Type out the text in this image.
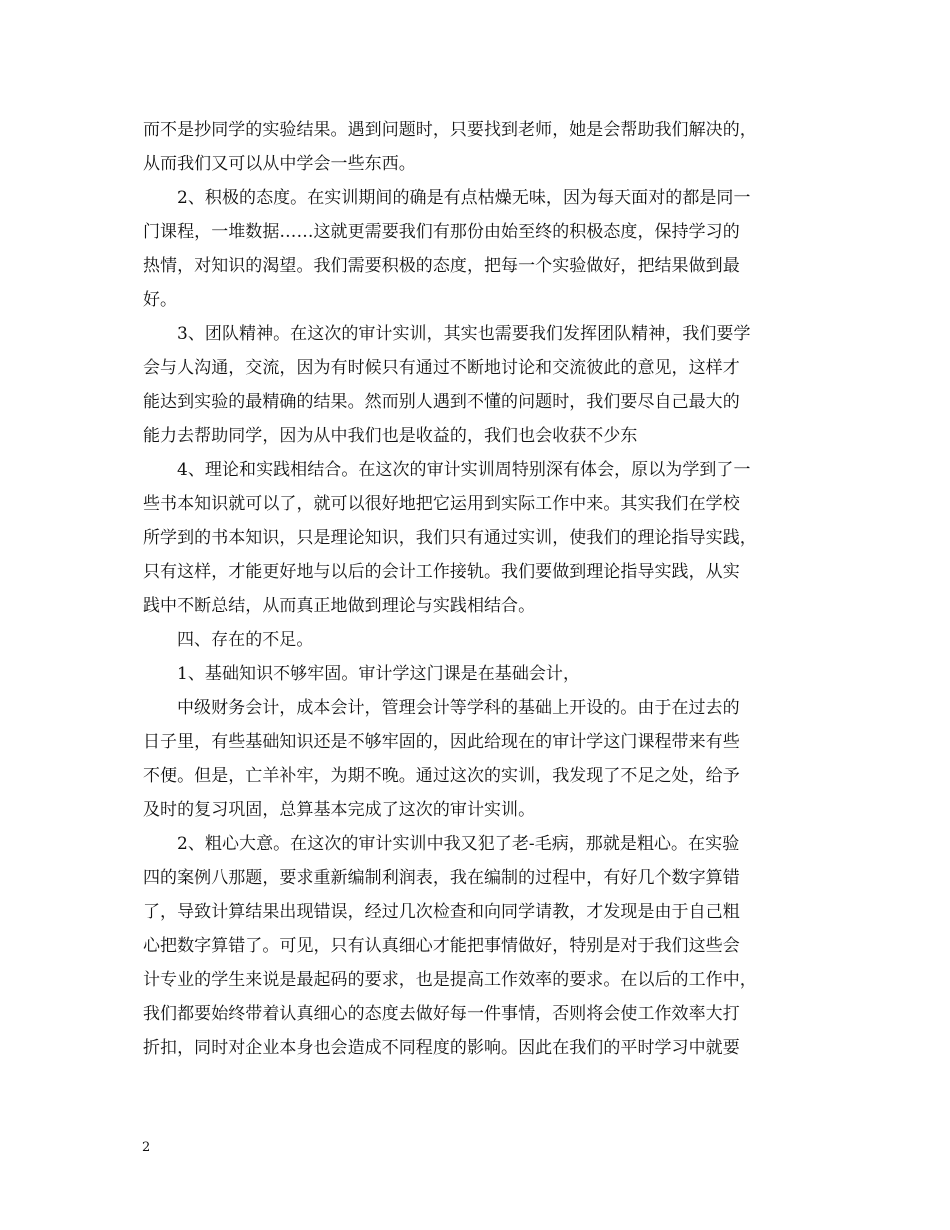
而不是抄同学的实验结果。遇到问题时，只要找到老师，她是会帮助我们解决的，
从而我们又可以从中学会一些东西。
2、积极的态度。在实训期间的确是有点枯燥无味，因为每天面对的都是同一
门课程，一堆数据……这就更需要我们有那份由始至终的积极态度，保持学习的
热情，对知识的渴望。我们需要积极的态度，把每一个实验做好，把结果做到最
好。
3、团队精神。在这次的审计实训，其实也需要我们发挥团队精神，我们要学
会与人沟通，交流，因为有时候只有通过不断地讨论和交流彼此的意见，这样才
能达到实验的最精确的结果。然而别人遇到不懂的问题时，我们要尽自己最大的
能力去帮助同学，因为从中我们也是收益的，我们也会收获不少东
4、理论和实践相结合。在这次的审计实训周特别深有体会，原以为学到了一
些书本知识就可以了，就可以很好地把它运用到实际工作中来。其实我们在学校
所学到的书本知识，只是理论知识，我们只有通过实训，使我们的理论指导实践，
只有这样，才能更好地与以后的会计工作接轨。我们要做到理论指导实践，从实
践中不断总结，从而真正地做到理论与实践相结合。
四、存在的不足。
1、基础知识不够牢固。审计学这门课是在基础会计，
中级财务会计，成本会计，管理会计等学科的基础上开设的。由于在过去的
日子里，有些基础知识还是不够牢固的，因此给现在的审计学这门课程带来有些
不便。但是，亡羊补牢，为期不晚。通过这次的实训，我发现了不足之处，给予
及时的复习巩固，总算基本完成了这次的审计实训。
2、粗心大意。在这次的审计实训中我又犯了老-毛病，那就是粗心。在实验
四的案例八那题，要求重新编制利润表，我在编制的过程中，有好几个数字算错
了，导致计算结果出现错误，经过几次检查和向同学请教，才发现是由于自己粗
心把数字算错了。可见，只有认真细心才能把事情做好，特别是对于我们这些会
计专业的学生来说是最起码的要求，也是提高工作效率的要求。在以后的工作中，
我们都要始终带着认真细心的态度去做好每一件事情，否则将会使工作效率大打
折扣，同时对企业本身也会造成不同程度的影响。因此在我们的平时学习中就要
2
